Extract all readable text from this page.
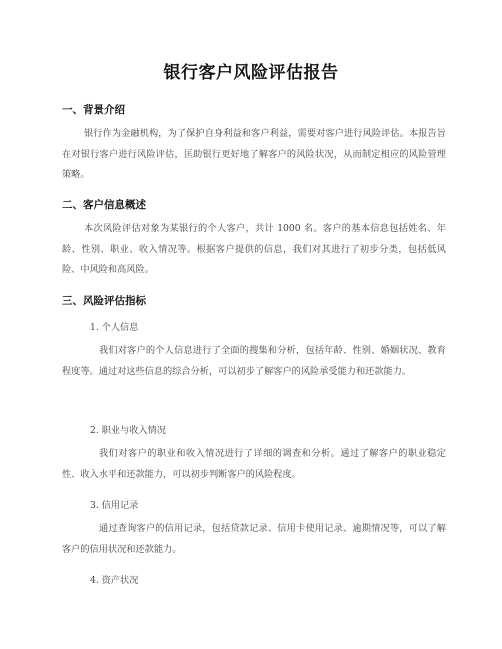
银行客户风险评估报告
一、背景介绍
银行作为金融机构，为了保护自身利益和客户利益，需要对客户进行风险评估。本报告旨在对银行客户进行风险评估，匡助银行更好地了解客户的风险状况，从而制定相应的风险管理策略。
二、客户信息概述
本次风险评估对象为某银行的个人客户，共计 1000 名。客户的基本信息包括姓名、年龄、性别、职业、收入情况等。根据客户提供的信息，我们对其进行了初步分类，包括低风险、中风险和高风险。
三、风险评估指标
1. 个人信息
我们对客户的个人信息进行了全面的搜集和分析，包括年龄、性别、婚姻状况、教育程度等。通过对这些信息的综合分析，可以初步了解客户的风险承受能力和还款能力。
2. 职业与收入情况
我们对客户的职业和收入情况进行了详细的调查和分析。通过了解客户的职业稳定性、收入水平和还款能力，可以初步判断客户的风险程度。
3. 信用记录
通过查询客户的信用记录，包括贷款记录、信用卡使用记录、逾期情况等，可以了解客户的信用状况和还款能力。
4. 资产状况
